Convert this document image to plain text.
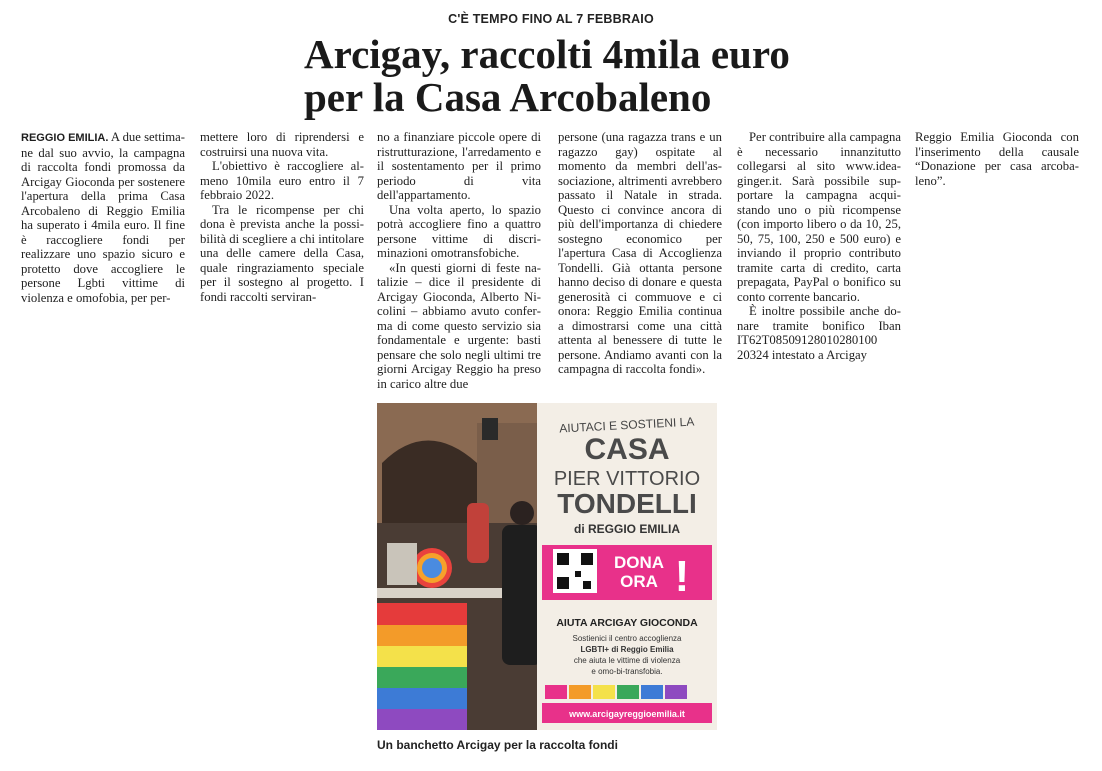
C'È TEMPO FINO AL 7 FEBBRAIO
Arcigay, raccolti 4mila euro
per la Casa Arcobaleno

REGGIO EMILIA. A due settimane dal suo avvio, la campagna di raccolta fondi promossa da Arcigay Gioconda per sostenere l'apertura della prima Casa Arcobaleno di Reggio Emilia ha superato i 4mila euro. Il fine è raccogliere fondi per realizzare uno spazio sicuro e protetto dove accogliere le persone Lgbti vittime di violenza e omofobia, per per-

mettere loro di riprendersi e costruirsi una nuova vita.

L'obiettivo è raccogliere almeno 10mila euro entro il 7 febbraio 2022.

Tra le ricompense per chi dona è prevista anche la possibilità di scegliere a chi intitolare una delle camere della Casa, quale ringraziamento speciale per il sostegno al progetto. I fondi raccolti serviran-

no a finanziare piccole opere di ristrutturazione, l'arredamento e il sostentamento per il primo periodo di vita dell'appartamento.

Una volta aperto, lo spazio potrà accogliere fino a quattro persone vittime di discriminazioni omotransfobiche.

«In questi giorni di feste natalizie – dice il presidente di Arcigay Gioconda, Alberto Nicolini – abbiamo avuto conferma di come questo servizio sia fondamentale e urgente: basti pensare che solo negli ultimi tre giorni Arcigay Reggio ha preso in carico altre due

persone (una ragazza trans e un ragazzo gay) ospitate al momento da membri dell'associazione, altrimenti avrebbero passato il Natale in strada. Questo ci convince ancora di più dell'importanza di chiedere sostegno economico per l'apertura Casa di Accoglienza Tondelli. Già ottanta persone hanno deciso di donare e questa generosità ci commuove e ci onora: Reggio Emilia continua a dimostrarsi come una città attenta al benessere di tutte le persone. Andiamo avanti con la campagna di raccolta fondi».

Per contribuire alla campagna è necessario innanzitutto collegarsi al sito www.ideaginger.it. Sarà possibile supportare la campagna acquistando uno o più ricompense (con importo libero o da 10, 25, 50, 75, 100, 250 e 500 euro) e inviando il proprio contributo tramite carta di credito, carta prepagata, PayPal o bonifico su conto corrente bancario.

È inoltre possibile anche donare tramite bonifico Iban IT62T08509128010280100 20324 intestato a Arcigay

Reggio Emilia Gioconda con l'inserimento della causale “Donazione per casa arcobaleno”.

AIUTACI E SOSTIENI LA
CASA
PIER VITTORIO
TONDELLI
di REGGIO EMILIA
DONA
ORA !
AIUTA ARCIGAY GIOCONDA
Sostienici il centro accoglienza
LGBTI+ di Reggio Emilia
che aiuta le vittime di violenza
e omo-bi-transfobia.
www.arcigayreggioemilia.it
Un banchetto Arcigay per la raccolta fondi
